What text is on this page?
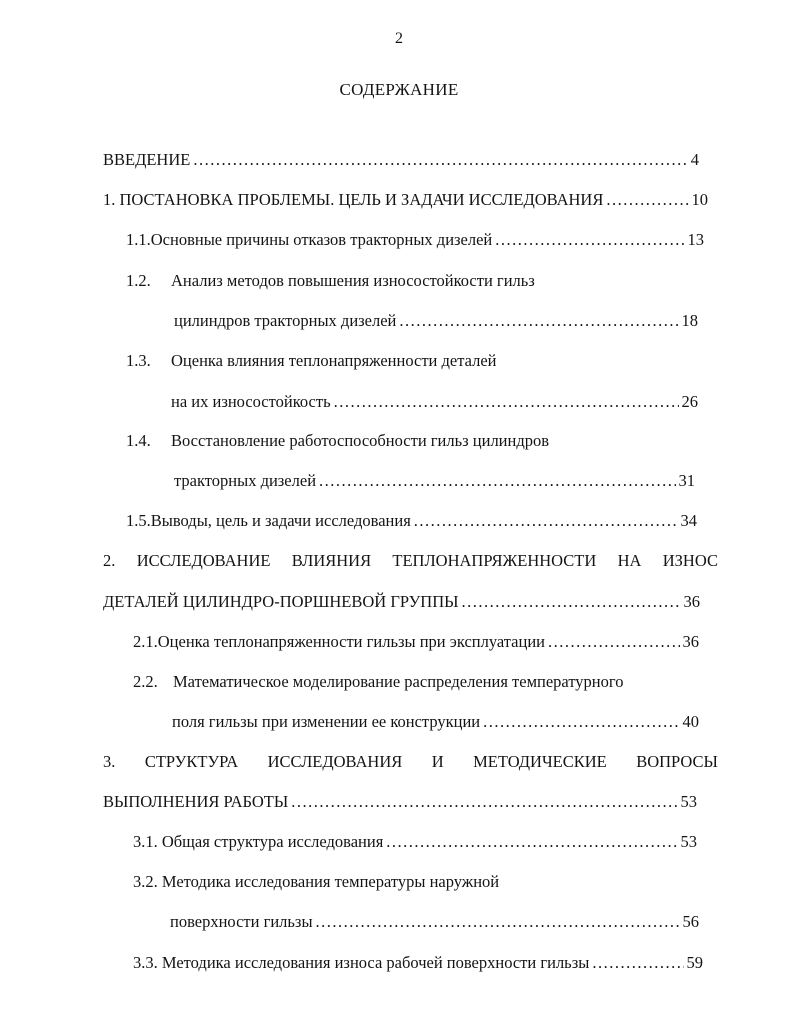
2
СОДЕРЖАНИЕ
ВВЕДЕНИЕ .....	4
1. ПОСТАНОВКА ПРОБЛЕМЫ. ЦЕЛЬ И ЗАДАЧИ ИССЛЕДОВАНИЯ .....	10
1.1. Основные причины отказов тракторных дизелей .....	13
1.2.	Анализ методов повышения износостойкости гильз
цилиндров тракторных дизелей .....	18
1.3.	Оценка влияния теплонапряженности деталей
на их износостойкость .....	26
1.4.	Восстановление работоспособности гильз цилиндров
тракторных дизелей .....	31
1.5. Выводы, цель и задачи исследования .....	34
2. ИССЛЕДОВАНИЕ ВЛИЯНИЯ ТЕПЛОНАПРЯЖЕННОСТИ НА ИЗНОС
ДЕТАЛЕЙ ЦИЛИНДРО-ПОРШНЕВОЙ ГРУППЫ .....	36
2.1. Оценка теплонапряженности гильзы при эксплуатации .....	36
2.2. Математическое моделирование распределения температурного
поля гильзы при изменении ее конструкции .....	40
3. СТРУКТУРА ИССЛЕДОВАНИЯ И МЕТОДИЧЕСКИЕ ВОПРОСЫ
ВЫПОЛНЕНИЯ РАБОТЫ .....	53
3.1. Общая структура исследования .....	53
3.2. Методика исследования температуры наружной
поверхности гильзы .....	56
3.3. Методика исследования износа рабочей поверхности гильзы .....	59
